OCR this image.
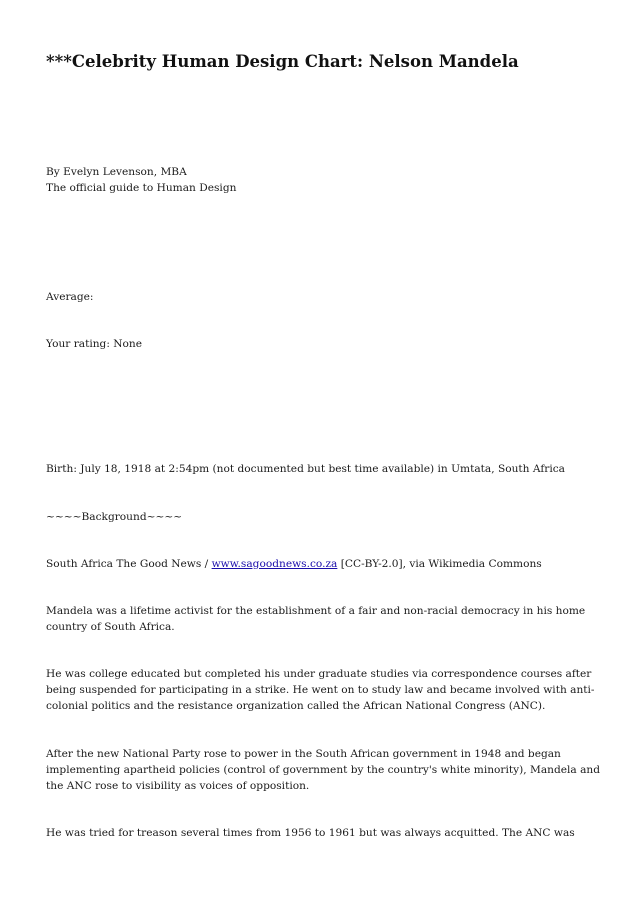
***Celebrity Human Design Chart: Nelson Mandela

By Evelyn Levenson, MBA

The official guide to Human Design

Average:

Your rating: None

Birth: July 18, 1918 at 2:54pm (not documented but best time available) in Umtata, South Africa

~~~~Background~~~~

South Africa The Good News / www.sagoodnews.co.za [CC-BY-2.0], via Wikimedia Commons

Mandela was a lifetime activist for the establishment of a fair and non-racial democracy in his home country of South Africa.

He was college educated but completed his under graduate studies via correspondence courses after being suspended for participating in a strike. He went on to study law and became involved with anti-colonial politics and the resistance organization called the African National Congress (ANC).

After the new National Party rose to power in the South African government in 1948 and began implementing apartheid policies (control of government by the country's white minority), Mandela and the ANC rose to visibility as voices of opposition.

He was tried for treason several times from 1956 to 1961 but was always acquitted. The ANC was
